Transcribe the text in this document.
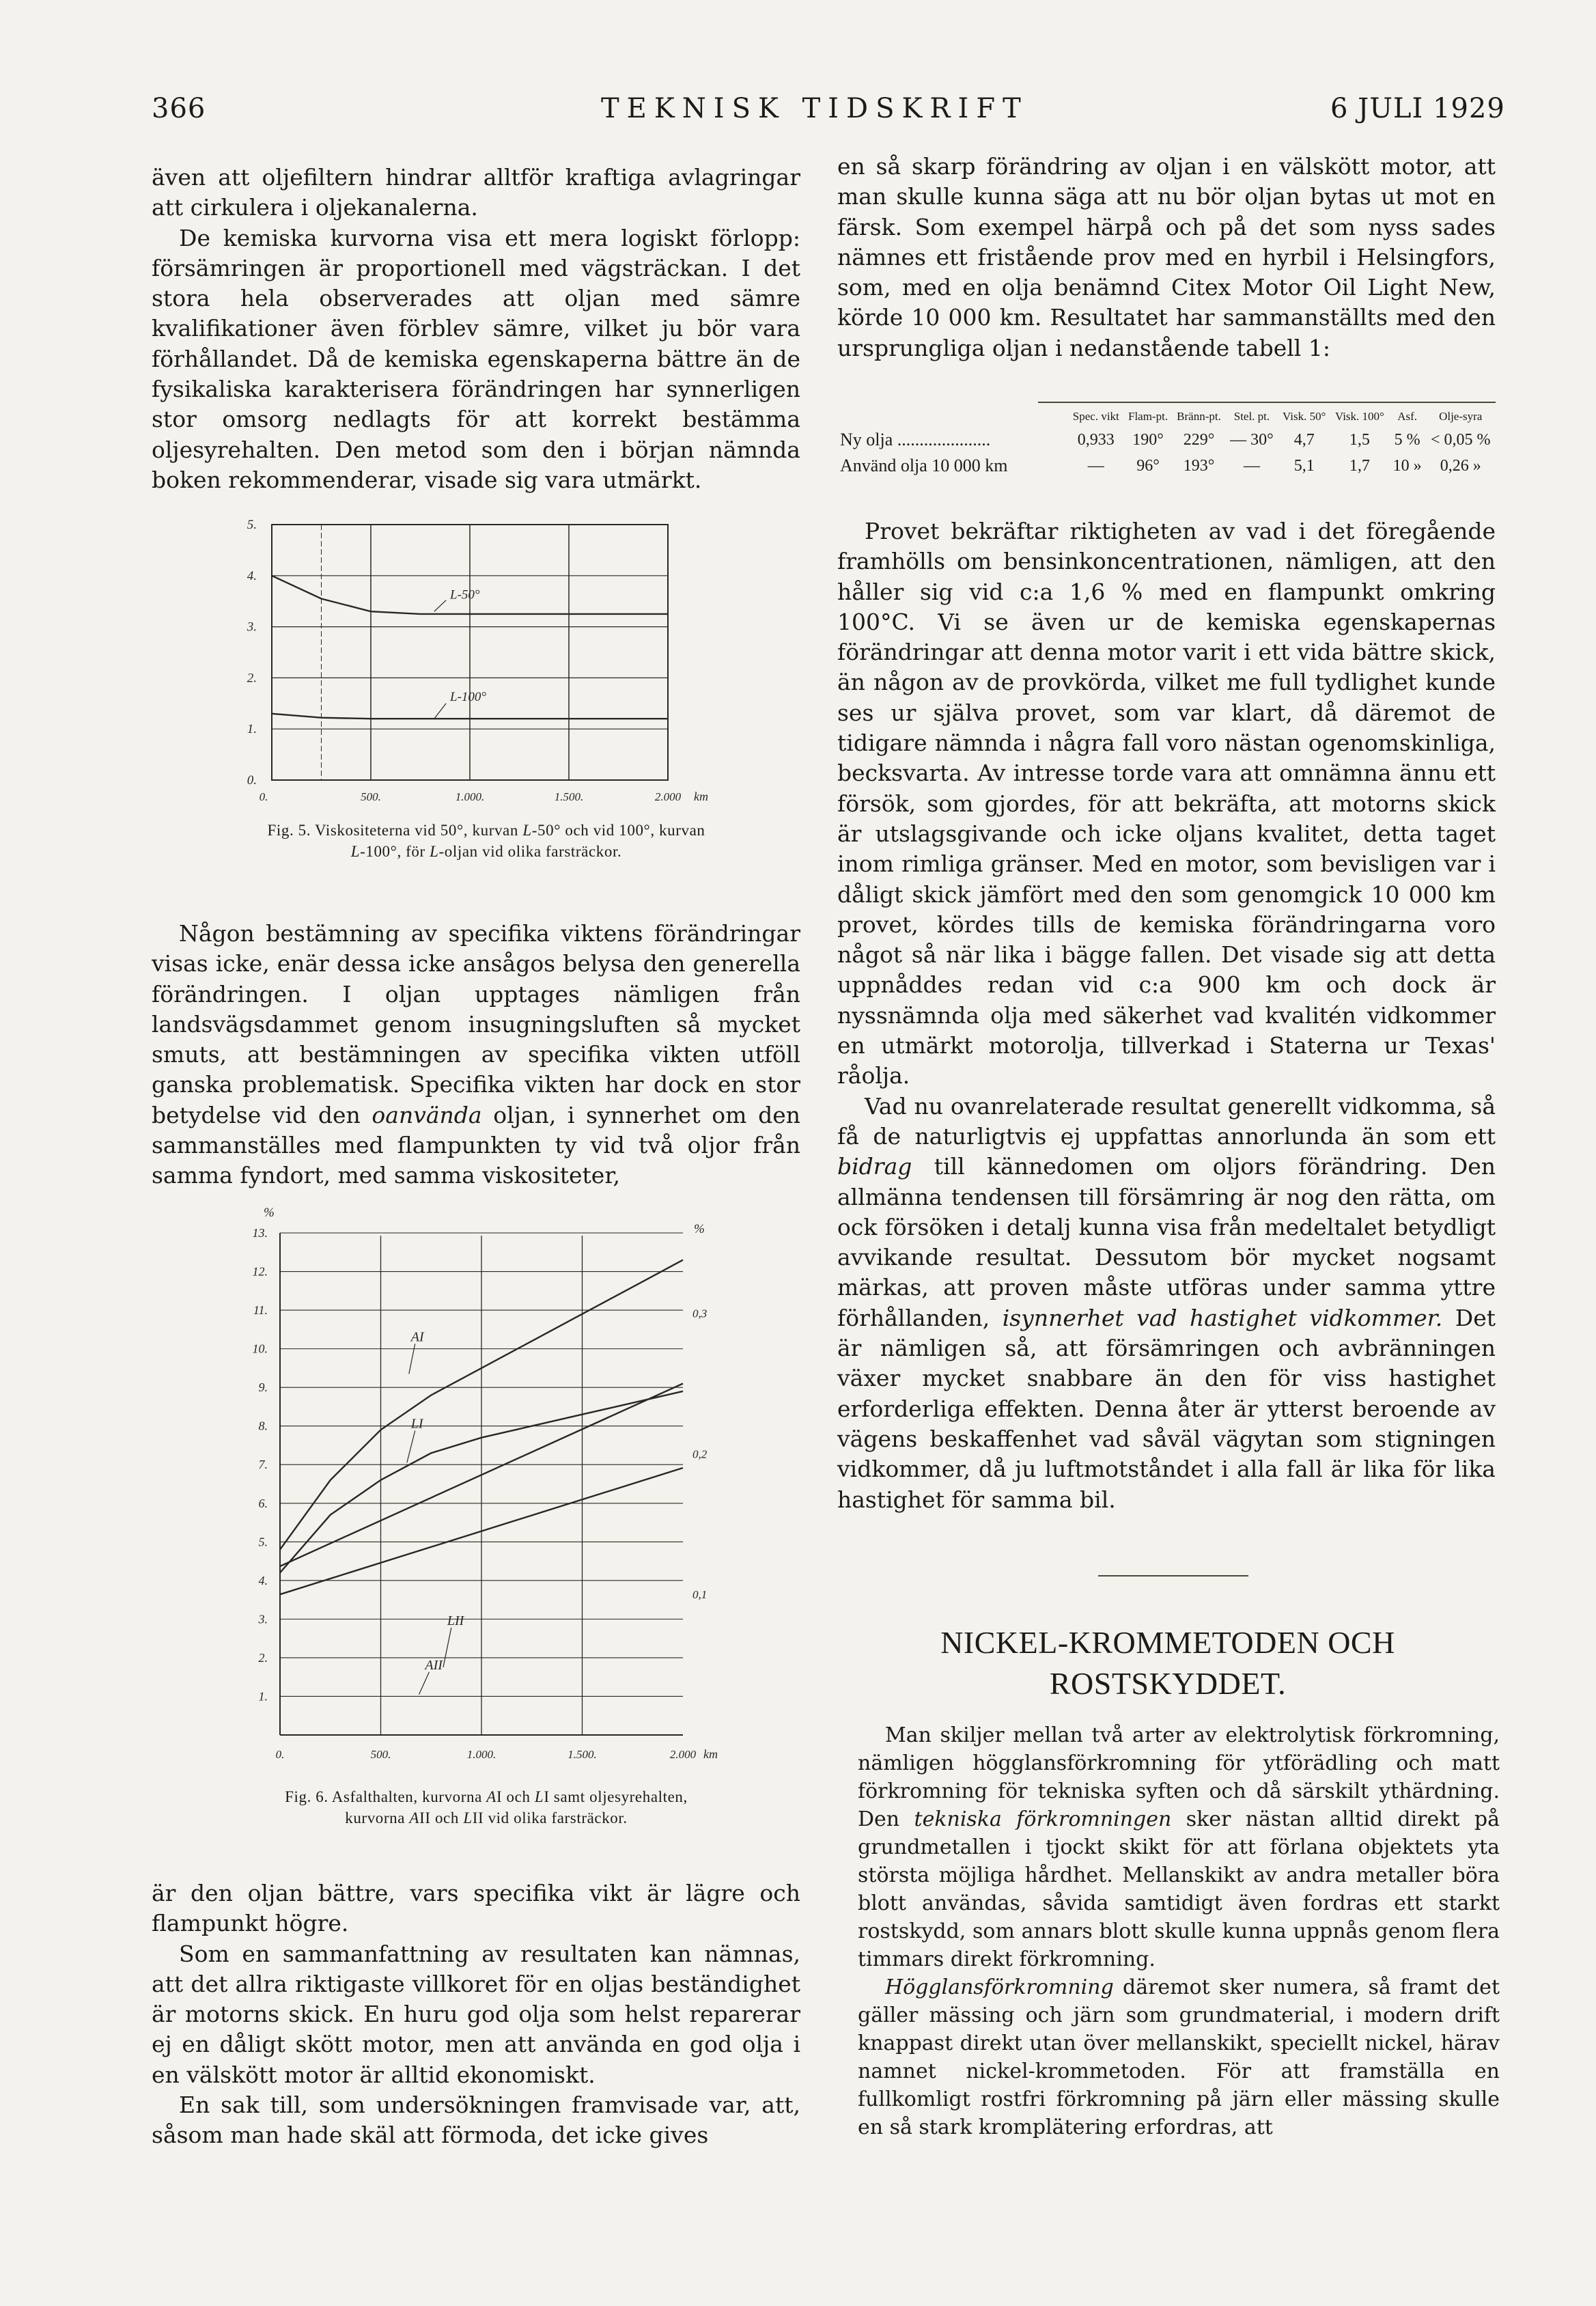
366	TEKNISK TIDSKRIFT	6 JULI 1929

även att oljefiltern hindrar alltför kraftiga avlagringar att cirkulera i oljekanalerna.

De kemiska kurvorna visa ett mera logiskt förlopp: försämringen är proportionell med vägsträckan. I det stora hela observerades att oljan med sämre kvalifikationer även förblev sämre, vilket ju bör vara förhållandet. Då de kemiska egenskaperna bättre än de fysikaliska karakterisera förändringen har synnerligen stor omsorg nedlagts för att korrekt bestämma oljesyrehalten. Den metod som den i början nämnda boken rekommenderar, visade sig vara utmärkt.

L-50°
L-100°
0.
1.
2.
3.
4.
5.
0.	500.	1.000.	1.500.	2.000 km
Fig. 5. Viskositeterna vid 50°, kurvan L-50° och vid 100°, kurvan L-100°, för L-oljan vid olika farsträckor.

Någon bestämning av specifika viktens förändringar visas icke, enär dessa icke ansågos belysa den generella förändringen. I oljan upptages nämligen från landsvägsdammet genom insugningsluften så mycket smuts, att bestämningen av specifika vikten utföll ganska problematisk. Specifika vikten har dock en stor betydelse vid den oanvända oljan, i synnerhet om den sammanställes med flampunkten ty vid två oljor från samma fyndort, med samma viskositeter,

AI
LI
LII
AII
1.
2.
3.
4.
5.
6.
7.
8.
9.
10.
11.
12.
13.
%
0,1
0,2
0,3
%
0.	500.	1.000.	1.500.	2.000 km
Fig. 6. Asfalthalten, kurvorna AI och LI samt oljesyrehalten, kurvorna AII och LII vid olika farsträckor.

är den oljan bättre, vars specifika vikt är lägre och flampunkt högre.

Som en sammanfattning av resultaten kan nämnas, att det allra riktigaste villkoret för en oljas beständighet är motorns skick. En huru god olja som helst reparerar ej en dåligt skött motor, men att använda en god olja i en välskött motor är alltid ekonomiskt.

En sak till, som undersökningen framvisade var, att, såsom man hade skäl att förmoda, det icke gives

en så skarp förändring av oljan i en välskött motor, att man skulle kunna säga att nu bör oljan bytas ut mot en färsk. Som exempel härpå och på det som nyss sades nämnes ett fristående prov med en hyrbil i Helsingfors, som, med en olja benämnd Citex Motor Oil Light New, körde 10 000 km. Resultatet har sammanställts med den ursprungliga oljan i nedanstående tabell 1:

	Spec. vikt	Flam-pt.	Bränn-pt.	Stel. pt.	Visk. 50°	Visk. 100°	Asf.	Olje-syra
Ny olja .....................	0,933	190°	229°	— 30°	4,7	1,5	5 %	< 0,05 %
Använd olja 10 000 km	—	96°	193°	—	5,1	1,7	10 »	0,26 »

Provet bekräftar riktigheten av vad i det föregående framhölls om bensinkoncentrationen, nämligen, att den håller sig vid c:a 1,6 % med en flampunkt omkring 100°C. Vi se även ur de kemiska egenskapernas förändringar att denna motor varit i ett vida bättre skick, än någon av de provkörda, vilket me full tydlighet kunde ses ur själva provet, som var klart, då däremot de tidigare nämnda i några fall voro nästan ogenomskinliga, becksvarta. Av intresse torde vara att omnämna ännu ett försök, som gjordes, för att bekräfta, att motorns skick är utslagsgivande och icke oljans kvalitet, detta taget inom rimliga gränser. Med en motor, som bevisligen var i dåligt skick jämfört med den som genomgick 10 000 km provet, kördes tills de kemiska förändringarna voro något så när lika i bägge fallen. Det visade sig att detta uppnåddes redan vid c:a 900 km och dock är nyssnämnda olja med säkerhet vad kvalitén vidkommer en utmärkt motorolja, tillverkad i Staterna ur Texas' råolja.

Vad nu ovanrelaterade resultat generellt vidkomma, så få de naturligtvis ej uppfattas annorlunda än som ett bidrag till kännedomen om oljors förändring. Den allmänna tendensen till försämring är nog den rätta, om ock försöken i detalj kunna visa från medeltalet betydligt avvikande resultat. Dessutom bör mycket nogsamt märkas, att proven måste utföras under samma yttre förhållanden, isynnerhet vad hastighet vidkommer. Det är nämligen så, att försämringen och avbränningen växer mycket snabbare än den för viss hastighet erforderliga effekten. Denna åter är ytterst beroende av vägens beskaffenhet vad såväl vägytan som stigningen vidkommer, då ju luftmotståndet i alla fall är lika för lika hastighet för samma bil.

NICKEL-KROMMETODEN OCH
ROSTSKYDDET.

Man skiljer mellan två arter av elektrolytisk förkromning, nämligen högglansförkromning för ytförädling och matt förkromning för tekniska syften och då särskilt ythärdning. Den tekniska förkromningen sker nästan alltid direkt på grundmetallen i tjockt skikt för att förlana objektets yta största möjliga hårdhet. Mellanskikt av andra metaller böra blott användas, såvida samtidigt även fordras ett starkt rostskydd, som annars blott skulle kunna uppnås genom flera timmars direkt förkromning.

Högglansförkromning däremot sker numera, så framt det gäller mässing och järn som grundmaterial, i modern drift knappast direkt utan över mellanskikt, speciellt nickel, härav namnet nickel-krommetoden. För att framställa en fullkomligt rostfri förkromning på järn eller mässing skulle en så stark kromplätering erfordras, att
